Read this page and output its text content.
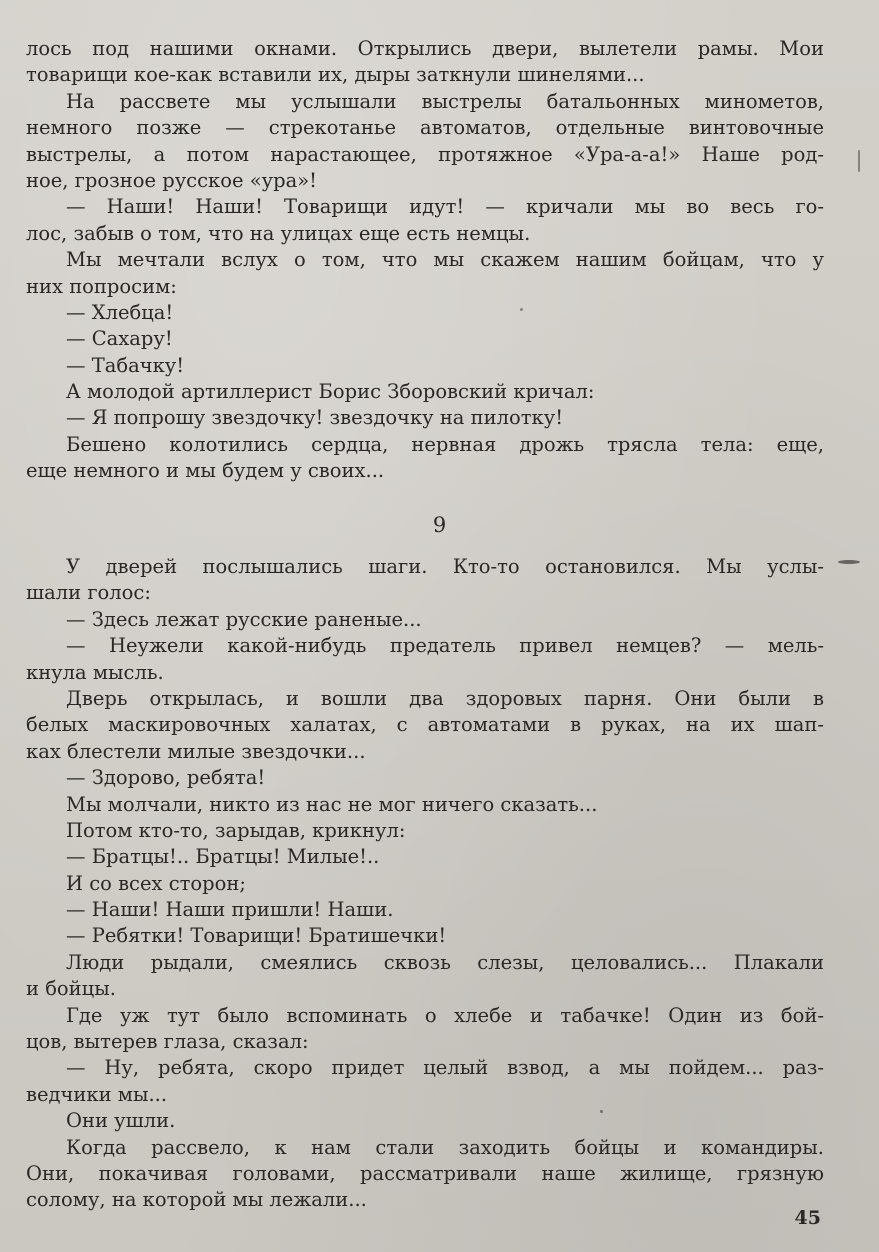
лось под нашими окнами. Открылись двери, вылетели рамы. Мои
товарищи кое-как вставили их, дыры заткнули шинелями...
На рассвете мы услышали выстрелы батальонных минометов,
немного позже — стрекотанье автоматов, отдельные винтовочные
выстрелы, а потом нарастающее, протяжное «Ура-а-а!» Наше род-
ное, грозное русское «ура»!
— Наши! Наши! Товарищи идут! — кричали мы во весь го-
лос, забыв о том, что на улицах еще есть немцы.
Мы мечтали вслух о том, что мы скажем нашим бойцам, что у
них попросим:
— Хлебца!
— Сахару!
— Табачку!
А молодой артиллерист Борис Зборовский кричал:
— Я попрошу звездочку! звездочку на пилотку!
Бешено колотились сердца, нервная дрожь трясла тела: еще,
еще немного и мы будем у своих...
9
У дверей послышались шаги. Кто-то остановился. Мы услы-
шали голос:
— Здесь лежат русские раненые...
— Неужели какой-нибудь предатель привел немцев? — мель-
кнула мысль.
Дверь открылась, и вошли два здоровых парня. Они были в
белых маскировочных халатах, с автоматами в руках, на их шап-
ках блестели милые звездочки...
— Здорово, ребята!
Мы молчали, никто из нас не мог ничего сказать...
Потом кто-то, зарыдав, крикнул:
— Братцы!.. Братцы! Милые!..
И со всех сторон;
— Наши! Наши пришли! Наши.
— Ребятки! Товарищи! Братишечки!
Люди рыдали, смеялись сквозь слезы, целовались... Плакали
и бойцы.
Где уж тут было вспоминать о хлебе и табачке! Один из бой-
цов, вытерев глаза, сказал:
— Ну, ребята, скоро придет целый взвод, а мы пойдем... раз-
ведчики мы...
Они ушли.
Когда рассвело, к нам стали заходить бойцы и командиры.
Они, покачивая головами, рассматривали наше жилище, грязную
солому, на которой мы лежали...
45
